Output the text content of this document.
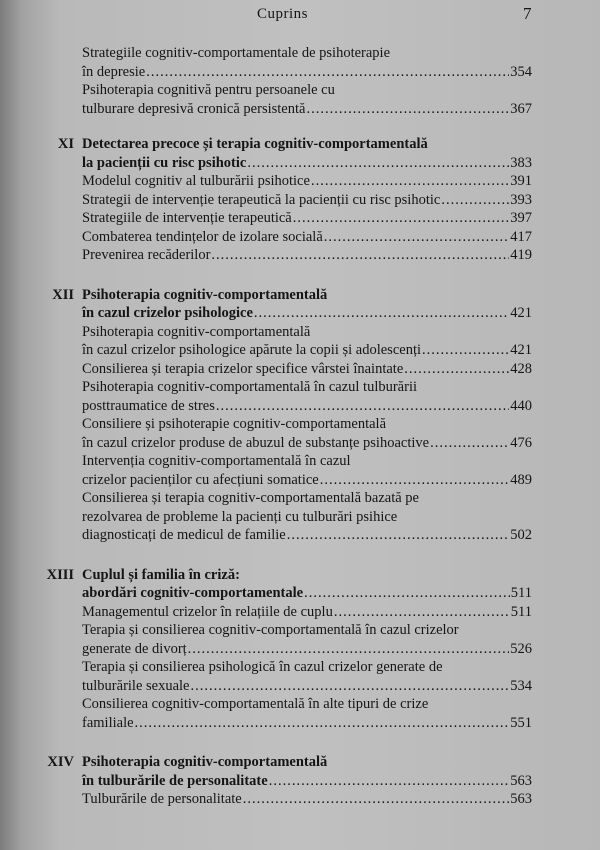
Cuprins	7
Strategiile cognitiv-comportamentale de psihoterapie
în depresie .....	354
Psihoterapia cognitivă pentru persoanele cu
tulburare depresivă cronică persistentă .....	367
XI Detectarea precoce și terapia cognitiv-comportamentală
la pacienții cu risc psihotic .....	383
Modelul cognitiv al tulburării psihotice .....	391
Strategii de intervenție terapeutică la pacienții cu risc psihotic .....	393
Strategiile de intervenție terapeutică .....	397
Combaterea tendințelor de izolare socială .....	417
Prevenirea recăderilor .....	419
XII Psihoterapia cognitiv-comportamentală
în cazul crizelor psihologice .....	421
Psihoterapia cognitiv-comportamentală
în cazul crizelor psihologice apărute la copii și adolescenți .....	421
Consilierea și terapia crizelor specifice vârstei înaintate .....	428
Psihoterapia cognitiv-comportamentală în cazul tulburării
posttraumatice de stres .....	440
Consiliere și psihoterapie cognitiv-comportamentală
în cazul crizelor produse de abuzul de substanțe psihoactive .....	476
Intervenția cognitiv-comportamentală în cazul
crizelor pacienților cu afecțiuni somatice .....	489
Consilierea și terapia cognitiv-comportamentală bazată pe
rezolvarea de probleme la pacienți cu tulburări psihice
diagnosticați de medicul de familie .....	502
XIII Cuplul și familia în criză:
abordări cognitiv-comportamentale .....	511
Managementul crizelor în relațiile de cuplu .....	511
Terapia și consilierea cognitiv-comportamentală în cazul crizelor
generate de divorț .....	526
Terapia și consilierea psihologică în cazul crizelor generate de
tulburările sexuale .....	534
Consilierea cognitiv-comportamentală în alte tipuri de crize
familiale .....	551
XIV Psihoterapia cognitiv-comportamentală
în tulburările de personalitate .....	563
Tulburările de personalitate .....	563
